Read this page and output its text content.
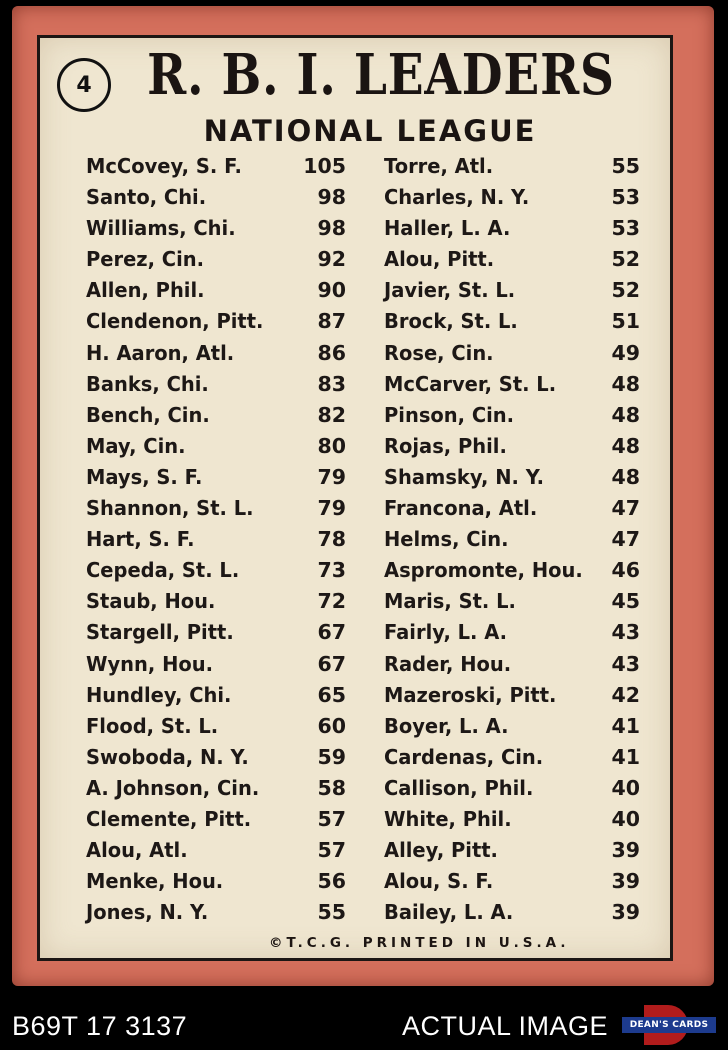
4 R. B. I. LEADERS
NATIONAL LEAGUE
McCovey, S. F.	105
Santo, Chi.	98
Williams, Chi.	98
Perez, Cin.	92
Allen, Phil.	90
Clendenon, Pitt.	87
H. Aaron, Atl.	86
Banks, Chi.	83
Bench, Cin.	82
May, Cin.	80
Mays, S. F.	79
Shannon, St. L.	79
Hart, S. F.	78
Cepeda, St. L.	73
Staub, Hou.	72
Stargell, Pitt.	67
Wynn, Hou.	67
Hundley, Chi.	65
Flood, St. L.	60
Swoboda, N. Y.	59
A. Johnson, Cin.	58
Clemente, Pitt.	57
Alou, Atl.	57
Menke, Hou.	56
Jones, N. Y.	55
Torre, Atl.	55
Charles, N. Y.	53
Haller, L. A.	53
Alou, Pitt.	52
Javier, St. L.	52
Brock, St. L.	51
Rose, Cin.	49
McCarver, St. L.	48
Pinson, Cin.	48
Rojas, Phil.	48
Shamsky, N. Y.	48
Francona, Atl.	47
Helms, Cin.	47
Aspromonte, Hou. 46
Maris, St. L.	45
Fairly, L. A.	43
Rader, Hou.	43
Mazeroski, Pitt.	42
Boyer, L. A.	41
Cardenas, Cin.	41
Callison, Phil.	40
White, Phil.	40
Alley, Pitt.	39
Alou, S. F.	39
Bailey, L. A.	39
©T.C.G. PRINTED IN U.S.A.
B69T 17 3137	ACTUAL IMAGE	DEAN'S CARDS
